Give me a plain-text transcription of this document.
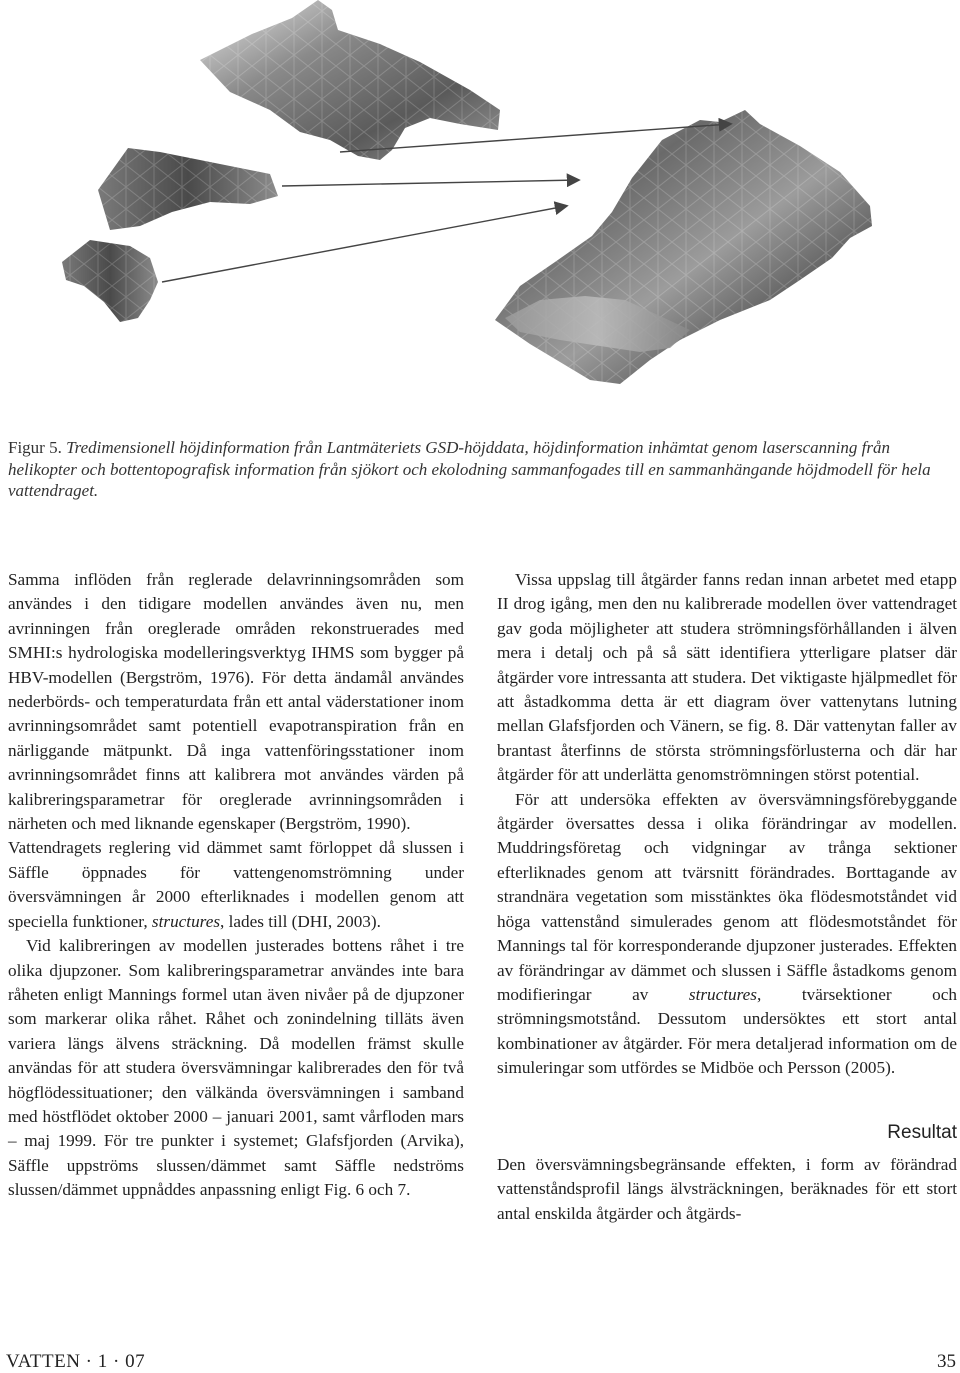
Figur 5. Tredimensionell höjdinformation från Lantmäteriets GSD-höjddata, höjdinformation inhämtat genom laserscanning från helikopter och bottentopografisk information från sjökort och ekolodning sammanfogades till en sammanhängande höjdmodell för hela vattendraget.

Samma inflöden från reglerade delavrinningsområden som användes i den tidigare modellen användes även nu, men avrinningen från oreglerade områden rekonstruerades med SMHI:s hydrologiska modelleringsverktyg IHMS som bygger på HBV-modellen (Bergström, 1976). För detta ändamål användes nederbörds- och temperaturdata från ett antal väderstationer inom avrinningsområdet samt potentiell evapotranspiration från en närliggande mätpunkt. Då inga vattenföringsstationer inom avrinningsområdet finns att kalibrera mot användes värden på kalibreringsparametrar för oreglerade avrinningsområden i närheten och med liknande egenskaper (Bergström, 1990).

Vattendragets reglering vid dämmet samt förloppet då slussen i Säffle öppnades för vattengenomströmning under översvämningen år 2000 efterliknades i modellen genom att speciella funktioner, structures, lades till (DHI, 2003).

Vid kalibreringen av modellen justerades bottens råhet i tre olika djupzoner. Som kalibreringsparametrar användes inte bara råheten enligt Mannings formel utan även nivåer på de djupzoner som markerar olika råhet. Råhet och zonindelning tilläts även variera längs älvens sträckning. Då modellen främst skulle användas för att studera översvämningar kalibrerades den för två högflödessituationer; den välkända översvämningen i samband med höstflödet oktober 2000 – januari 2001, samt vårfloden mars – maj 1999. För tre punkter i systemet; Glafsfjorden (Arvika), Säffle uppströms slussen/dämmet samt Säffle nedströms slussen/dämmet uppnåddes anpassning enligt Fig. 6 och 7.

Vissa uppslag till åtgärder fanns redan innan arbetet med etapp II drog igång, men den nu kalibrerade modellen över vattendraget gav goda möjligheter att studera strömningsförhållanden i älven mera i detalj och på så sätt identifiera ytterligare platser där åtgärder vore intressanta att studera. Det viktigaste hjälpmedlet för att åstadkomma detta är ett diagram över vattenytans lutning mellan Glafsfjorden och Vänern, se fig. 8. Där vattenytan faller av brantast återfinns de största strömningsförlusterna och där har åtgärder för att underlätta genomströmningen störst potential.

För att undersöka effekten av översvämningsförebyggande åtgärder översattes dessa i olika förändringar av modellen. Muddringsföretag och vidgningar av trånga sektioner efterliknades genom att tvärsnitt förändrades. Borttagande av strandnära vegetation som misstänktes öka flödesmotståndet vid höga vattenstånd simulerades genom att flödesmotståndet för Mannings tal för korresponderande djupzoner justerades. Effekten av förändringar av dämmet och slussen i Säffle åstadkoms genom modifieringar av structures, tvärsektioner och strömningsmotstånd. Dessutom undersöktes ett stort antal kombinationer av åtgärder. För mera detaljerad information om de simuleringar som utfördes se Midböe och Persson (2005).

Resultat

Den översvämningsbegränsande effekten, i form av förändrad vattenståndsprofil längs älvsträckningen, beräknades för ett stort antal enskilda åtgärder och åtgärds-

VATTEN · 1 · 07	35
